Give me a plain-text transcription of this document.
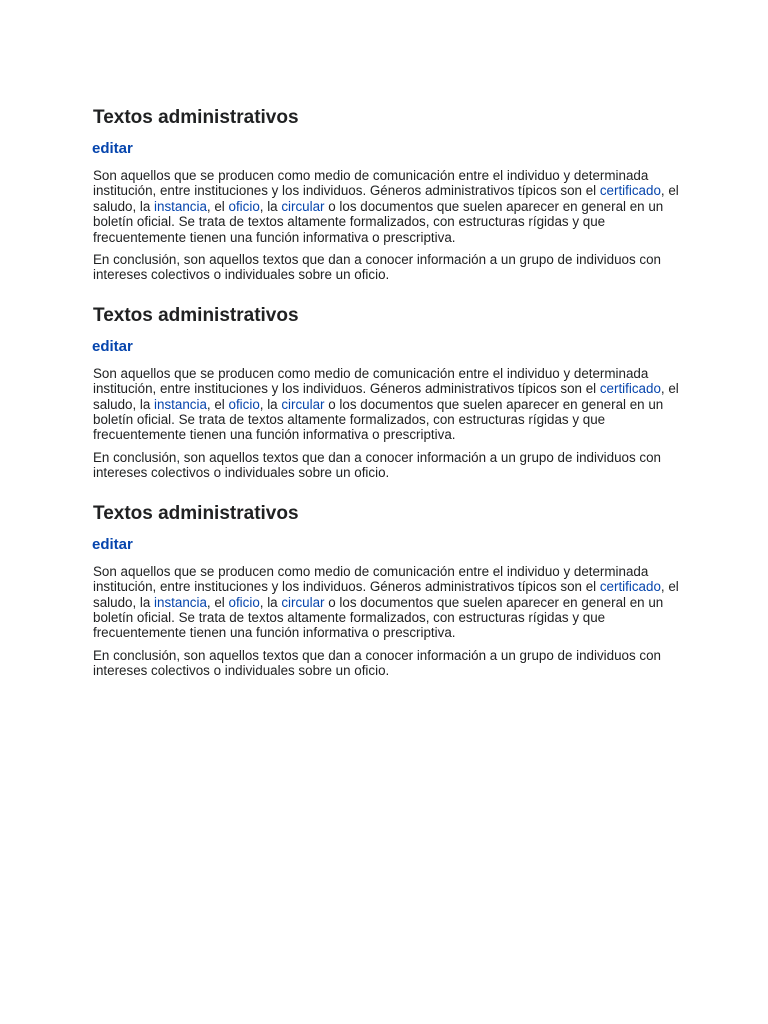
Textos administrativos
editar

Son aquellos que se producen como medio de comunicación entre el individuo y determinada institución, entre instituciones y los individuos. Géneros administrativos típicos son el certificado, el saludo, la instancia, el oficio, la circular o los documentos que suelen aparecer en general en un boletín oficial. Se trata de textos altamente formalizados, con estructuras rígidas y que frecuentemente tienen una función informativa o prescriptiva.

En conclusión, son aquellos textos que dan a conocer información a un grupo de individuos con intereses colectivos o individuales sobre un oficio.

Textos administrativos
editar

Son aquellos que se producen como medio de comunicación entre el individuo y determinada institución, entre instituciones y los individuos. Géneros administrativos típicos son el certificado, el saludo, la instancia, el oficio, la circular o los documentos que suelen aparecer en general en un boletín oficial. Se trata de textos altamente formalizados, con estructuras rígidas y que frecuentemente tienen una función informativa o prescriptiva.

En conclusión, son aquellos textos que dan a conocer información a un grupo de individuos con intereses colectivos o individuales sobre un oficio.

Textos administrativos
editar

Son aquellos que se producen como medio de comunicación entre el individuo y determinada institución, entre instituciones y los individuos. Géneros administrativos típicos son el certificado, el saludo, la instancia, el oficio, la circular o los documentos que suelen aparecer en general en un boletín oficial. Se trata de textos altamente formalizados, con estructuras rígidas y que frecuentemente tienen una función informativa o prescriptiva.

En conclusión, son aquellos textos que dan a conocer información a un grupo de individuos con intereses colectivos o individuales sobre un oficio.
